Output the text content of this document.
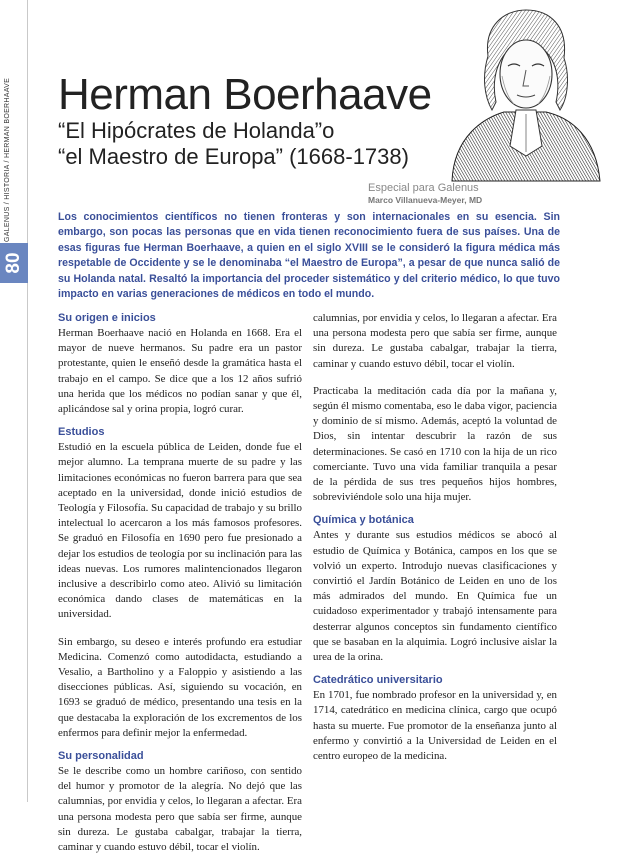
GALENUS / HISTORIA / HERMAN BOERHAAVE
80
Herman Boerhaave
“El Hipócrates de Holanda”o
“el Maestro de Europa” (1668-1738)
Especial para Galenus
Marco Villanueva-Meyer, MD

Los conocimientos científicos no tienen fronteras y son internacionales en su esencia. Sin embargo, son pocas las personas que en vida tienen reconocimiento fuera de sus países. Una de esas figuras fue Herman Boerhaave, a quien en el siglo XVIII se le consideró la figura médica más respetable de Occidente y se le denominaba “el Maestro de Europa”, a pesar de que nunca salió de su Holanda natal. Resaltó la importancia del proceder sistemático y del criterio médico, lo que tuvo impacto en varias generaciones de médicos en todo el mundo.

Su origen e inicios

Herman Boerhaave nació en Holanda en 1668. Era el mayor de nueve hermanos. Su padre era un pastor protestante, quien le enseñó desde la gramática hasta el trabajo en el campo. Se dice que a los 12 años sufrió una herida que los médicos no podían sanar y que él, aplicándose sal y orina propia, logró curar.

Estudios

Estudió en la escuela pública de Leiden, donde fue el mejor alumno. La temprana muerte de su padre y las limitaciones económicas no fueron barrera para que sea aceptado en la universidad, donde inició estudios de Teología y Filosofía. Su capacidad de trabajo y su brillo intelectual lo acercaron a los más famosos profesores. Se graduó en Filosofía en 1690 pero fue presionado a dejar los estudios de teología por su inclinación para las ideas nuevas. Los rumores malintencionados llegaron inclusive a describirlo como ateo. Alivió su limitación económica dando clases de matemáticas en la universidad.

Sin embargo, su deseo e interés profundo era estudiar Medicina. Comenzó como autodidacta, estudiando a Vesalio, a Bartholino y a Faloppio y asistiendo a las disecciones públicas. Así, siguiendo su vocación, en 1693 se graduó de médico, presentando una tesis en la que destacaba la exploración de los excrementos de los enfermos para definir mejor la enfermedad.

Su personalidad

Se le describe como un hombre cariñoso, con sentido del humor y promotor de la alegría. No dejó que las calumnias, por envidia y celos, lo llegaran a afectar. Era una persona modesta pero que sabía ser firme, aunque sin dureza. Le gustaba cabalgar, trabajar la tierra, caminar y cuando estuvo débil, tocar el violín.

calumnias, por envidia y celos, lo llegaran a afectar. Era una persona modesta pero que sabía ser firme, aunque sin dureza. Le gustaba cabalgar, trabajar la tierra, caminar y cuando estuvo débil, tocar el violín.

Practicaba la meditación cada día por la mañana y, según él mismo comentaba, eso le daba vigor, paciencia y dominio de sí mismo. Además, aceptó la voluntad de Dios, sin intentar descubrir la razón de sus determinaciones. Se casó en 1710 con la hija de un rico comerciante. Tuvo una vida familiar tranquila a pesar de la pérdida de sus tres pequeños hijos hombres, sobreviviéndole solo una hija mujer.

Química y botánica

Antes y durante sus estudios médicos se abocó al estudio de Química y Botánica, campos en los que se volvió un experto. Introdujo nuevas clasificaciones y convirtió el Jardín Botánico de Leiden en uno de los más admirados del mundo. En Química fue un cuidadoso experimentador y trabajó intensamente para desterrar algunos conceptos sin fundamento científico que se basaban en la alquimia. Logró inclusive aislar la urea de la orina.

Catedrático universitario

En 1701, fue nombrado profesor en la universidad y, en 1714, catedrático en medicina clínica, cargo que ocupó hasta su muerte. Fue promotor de la enseñanza junto al enfermo y convirtió a la Universidad de Leiden en el centro europeo de la medicina.
